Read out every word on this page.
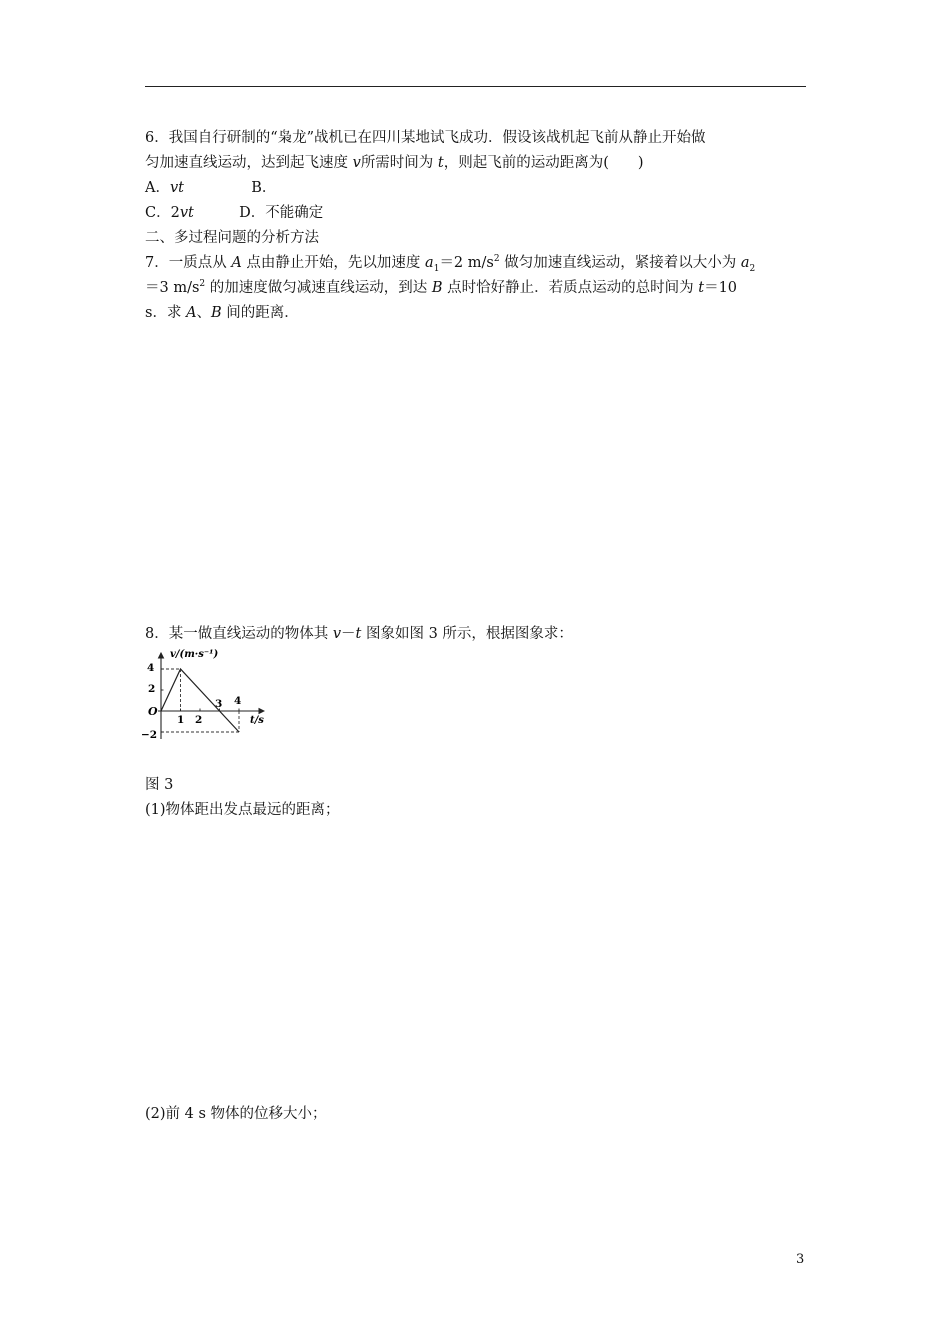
6．我国自行研制的“枭龙”战机已在四川某地试飞成功．假设该战机起飞前从静止开始做
匀加速直线运动，达到起飞速度 v所需时间为 t，则起飞前的运动距离为(　　)
A．vt	B．
C．2vt	D．不能确定
二、多过程问题的分析方法
7．一质点从 A 点由静止开始，先以加速度 $a_1=2$ $m/s^2$ 做匀加速直线运动，紧接着以大小为 $a_2$
＝3 $m/s^2$ 的加速度做匀减速直线运动，到达 B 点时恰好静止．若质点运动的总时间为 t＝10
s．求 A、B 间的距离．
8．某一做直线运动的物体其 v－t 图象如图 3 所示，根据图象求：
v/(m·s⁻¹)
t/s
O
4
2
−2
1 2
3 4
图 3
(1)物体距出发点最远的距离；
(2)前 4 s 物体的位移大小；
3
